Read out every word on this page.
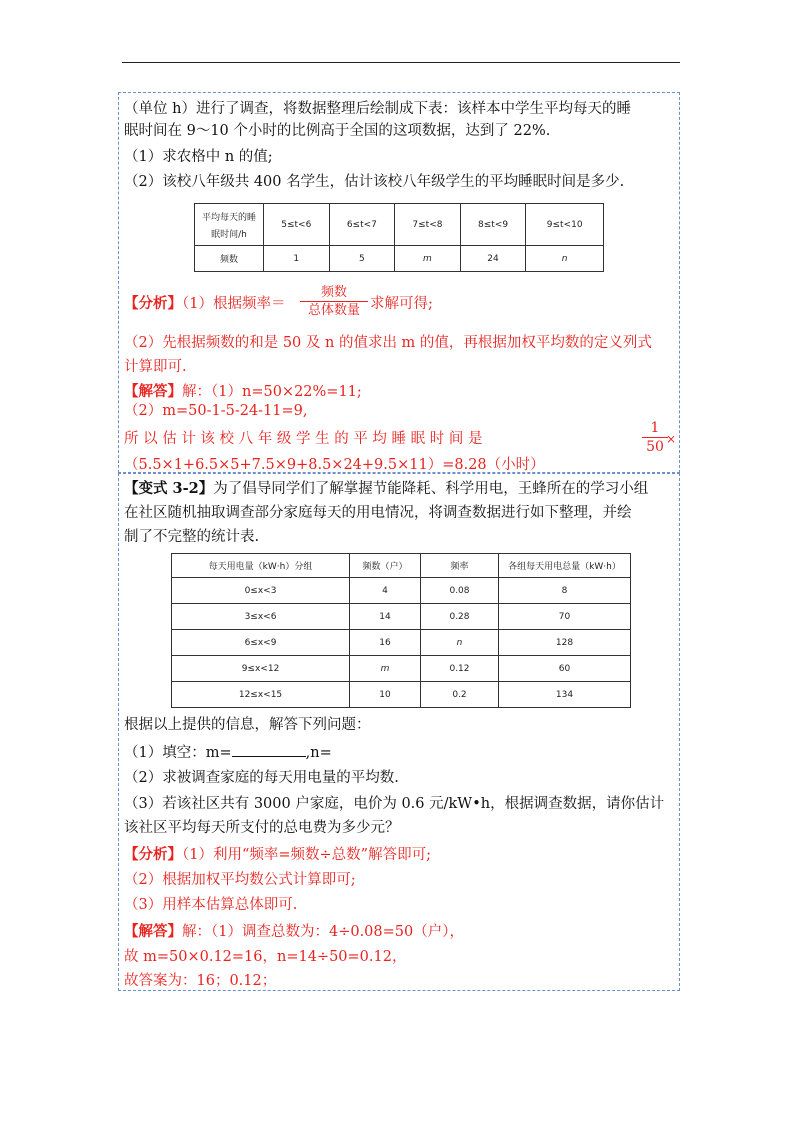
（单位 h）进行了调查，将数据整理后绘制成下表：该样本中学生平均每天的睡
眠时间在 9～10 个小时的比例高于全国的这项数据，达到了 22%.
（1）求农格中 n 的值;
（2）该校八年级共 400 名学生，估计该校八年级学生的平均睡眠时间是多少.
平均每天的睡
眠时间/h	5≤t<6	6≤t<7	7≤t<8	8≤t<9	9≤t<10
频数	1	5	m	24	n
【分析】（1）根据频率＝
频数
总体数量 求解可得;
（2）先根据频数的和是 50 及 n 的值求出 m 的值，再根据加权平均数的定义列式
计算即可.
【解答】解：（1）n=50×22%=11;
（2）m=50-1-5-24-11=9,
所 以 估 计 该 校 八 年 级 学 生 的 平 均 睡 眠 时 间 是
1
50 ×
（5.5×1+6.5×5+7.5×9+8.5×24+9.5×11）=8.28（小时）
【变式 3-2】为了倡导同学们了解掌握节能降耗、科学用电，王蜂所在的学习小组
在社区随机抽取调查部分家庭每天的用电情况，将调查数据进行如下整理，并绘
制了不完整的统计表.
每天用电量（kW·h）分组	频数（户）	频率	各组每天用电总量（kW·h）
0≤x<3	4	0.08	8
3≤x<6	14	0.28	70
6≤x<9	16	n	128
9≤x<12	m	0.12	60
12≤x<15	10	0.2	134
根据以上提供的信息，解答下列问题：
（1）填空：m=	,n=
（2）求被调查家庭的每天用电量的平均数.
（3）若该社区共有 3000 户家庭，电价为 0.6 元/kW•h，根据调查数据，请你估计
该社区平均每天所支付的总电费为多少元？
【分析】（1）利用“频率=频数÷总数”解答即可;
（2）根据加权平均数公式计算即可;
（3）用样本估算总体即可.
【解答】解：（1）调查总数为：4÷0.08=50（户），
故 m=50×0.12=16，n=14÷50=0.12，
故答案为：16；0.12；
